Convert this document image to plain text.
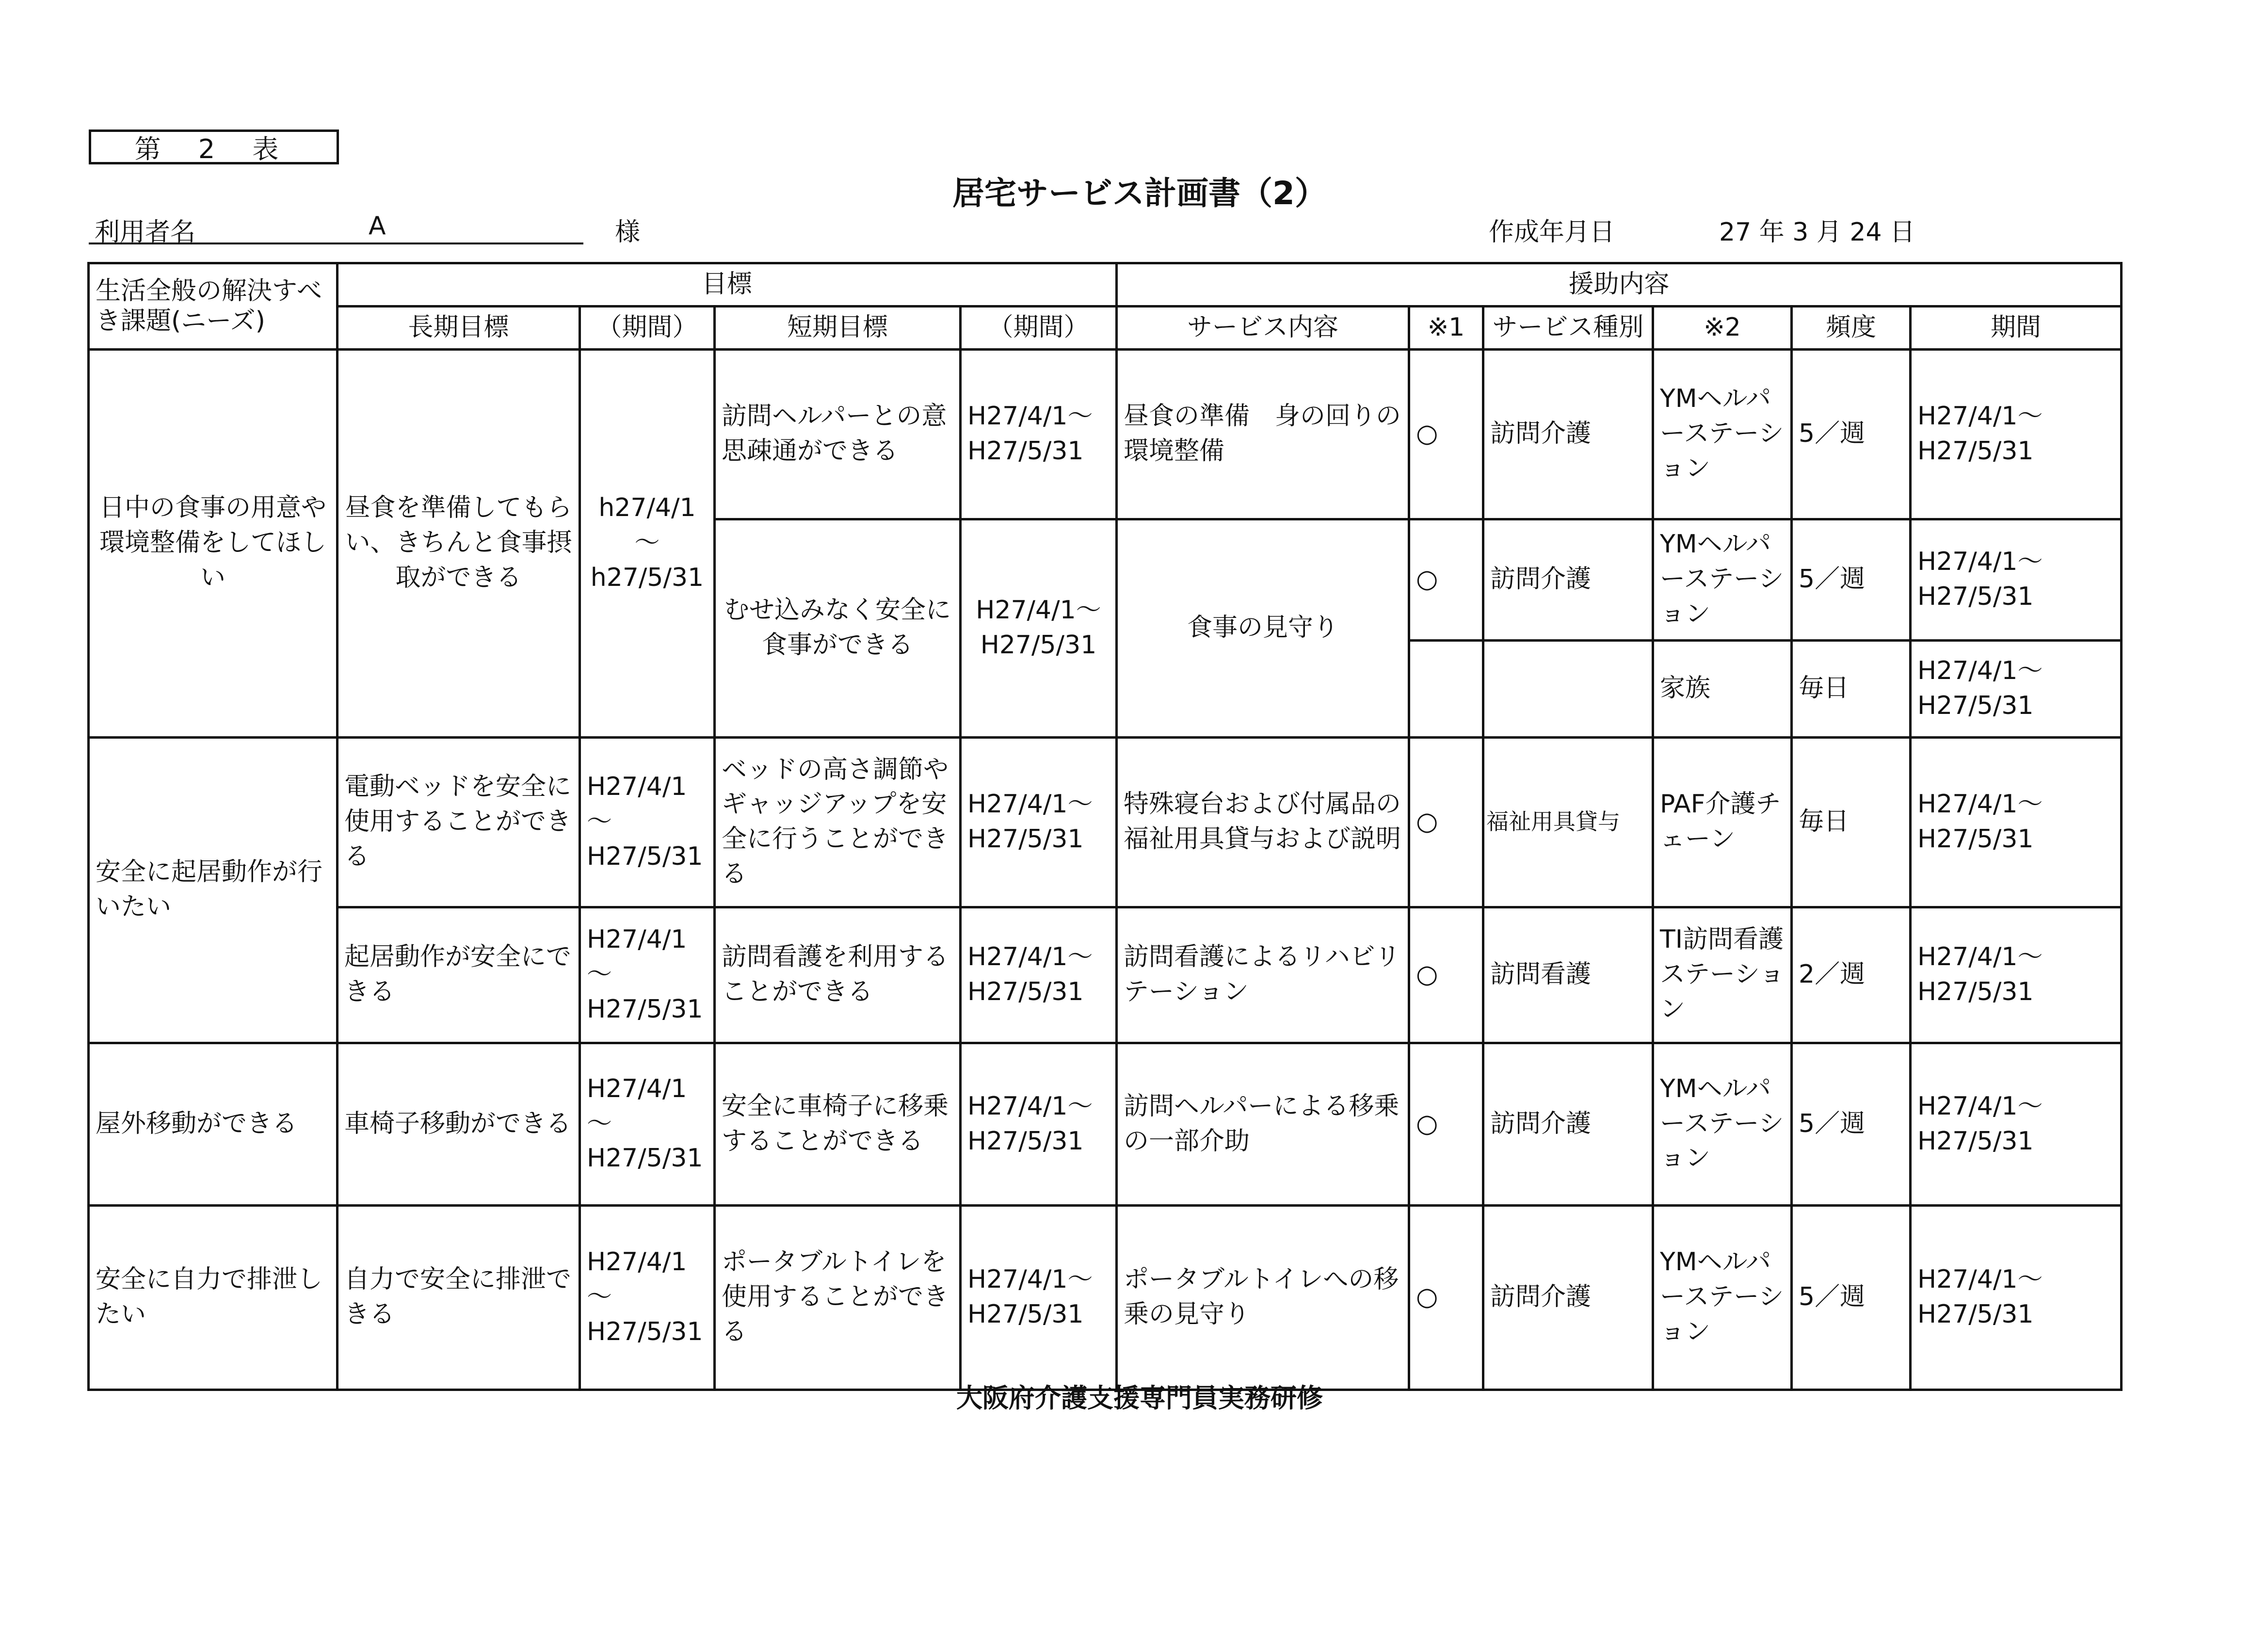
第 2 表
居宅サービス計画書（2）
利用者名	A	様	作成年月日	27 年 3 月 24 日
生活全般の解決すべき課題(ニーズ)	目標				援助内容					
	長期目標	（期間）	短期目標	（期間）	サービス内容	※1	サービス種別	※2	頻度	期間
日中の食事の用意や環境整備をしてほしい	昼食を準備してもらい、きちんと食事摂取ができる	h27/4/1 ～ h27/5/31	訪問ヘルパーとの意思疎通ができる	H27/4/1～ H27/5/31	昼食の準備　身の回りの環境整備	○	訪問介護	YMヘルパーステーション	5／週	H27/4/1～ H27/5/31
			むせ込みなく安全に食事ができる	H27/4/1～ H27/5/31	食事の見守り	○	訪問介護	YMヘルパーステーション	5／週	H27/4/1～ H27/5/31
								家族	毎日	H27/4/1～ H27/5/31
安全に起居動作が行いたい	電動ベッドを安全に使用することができる	H27/4/1 ～ H27/5/31	ベッドの高さ調節やギャッジアップを安全に行うことができる	H27/4/1～ H27/5/31	特殊寝台および付属品の福祉用具貸与および説明	○	福祉用具貸与	PAF介護チェーン	毎日	H27/4/1～ H27/5/31
	起居動作が安全にできる	H27/4/1 ～ H27/5/31	訪問看護を利用することができる	H27/4/1～ H27/5/31	訪問看護によるリハビリテーション	○	訪問看護	TI訪問看護ステーション	2／週	H27/4/1～ H27/5/31
屋外移動ができる	車椅子移動ができる	H27/4/1 ～ H27/5/31	安全に車椅子に移乗することができる	H27/4/1～ H27/5/31	訪問ヘルパーによる移乗の一部介助	○	訪問介護	YMヘルパーステーション	5／週	H27/4/1～ H27/5/31
安全に自力で排泄したい	自力で安全に排泄できる	H27/4/1 ～ H27/5/31	ポータブルトイレを使用することができる	H27/4/1～ H27/5/31	ポータブルトイレへの移乗の見守り	○	訪問介護	YMヘルパーステーション	5／週	H27/4/1～ H27/5/31
大阪府介護支援専門員実務研修
